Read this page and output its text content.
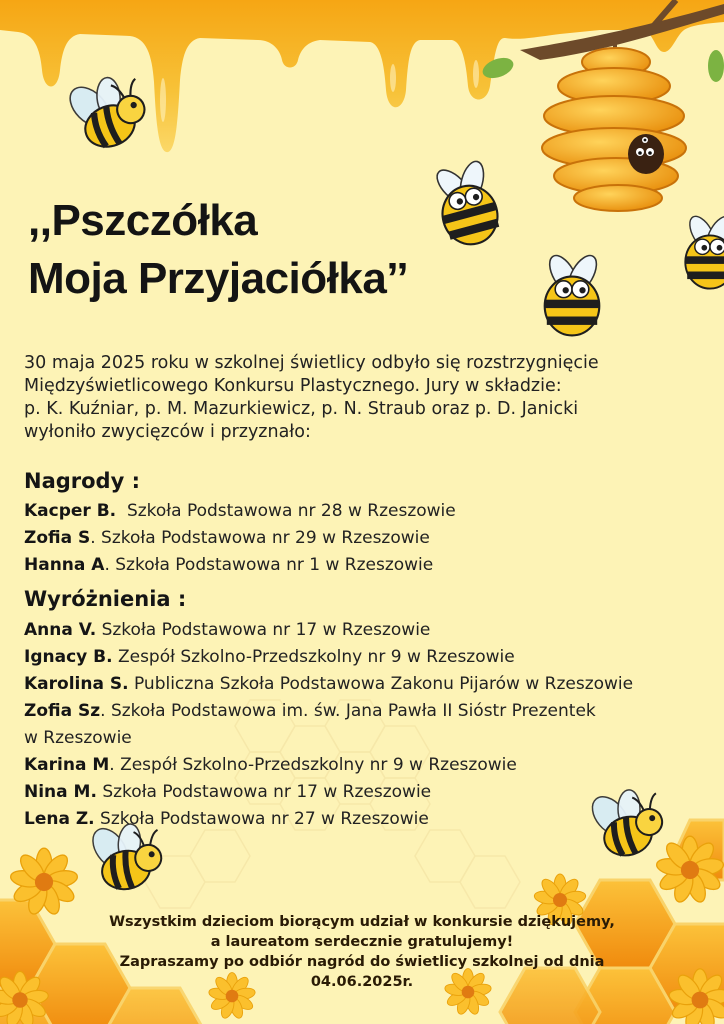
,,Pszczółka
Moja Przyjaciółka’’

30 maja 2025 roku w szkolnej świetlicy odbyło się rozstrzygnięcie
Międzyświetlicowego Konkursu Plastycznego. Jury w składzie:
p. K. Kuźniar, p. M. Mazurkiewicz, p. N. Straub oraz p. D. Janicki
wyłoniło zwycięzców i przyznało:

Nagrody :
Kacper B.  Szkoła Podstawowa nr 28 w Rzeszowie
Zofia S. Szkoła Podstawowa nr 29 w Rzeszowie
Hanna A. Szkoła Podstawowa nr 1 w Rzeszowie
Wyróżnienia :
Anna V. Szkoła Podstawowa nr 17 w Rzeszowie
Ignacy B. Zespół Szkolno-Przedszkolny nr 9 w Rzeszowie
Karolina S. Publiczna Szkoła Podstawowa Zakonu Pijarów w Rzeszowie
Zofia Sz. Szkoła Podstawowa im. św. Jana Pawła II Sióstr Prezentek
w Rzeszowie
Karina M. Zespół Szkolno-Przedszkolny nr 9 w Rzeszowie
Nina M. Szkoła Podstawowa nr 17 w Rzeszowie
Lena Z. Szkoła Podstawowa nr 27 w Rzeszowie

Wszystkim dzieciom biorącym udział w konkursie dziękujemy,
a laureatom serdecznie gratulujemy!
Zapraszamy po odbiór nagród do świetlicy szkolnej od dnia
04.06.2025r.
